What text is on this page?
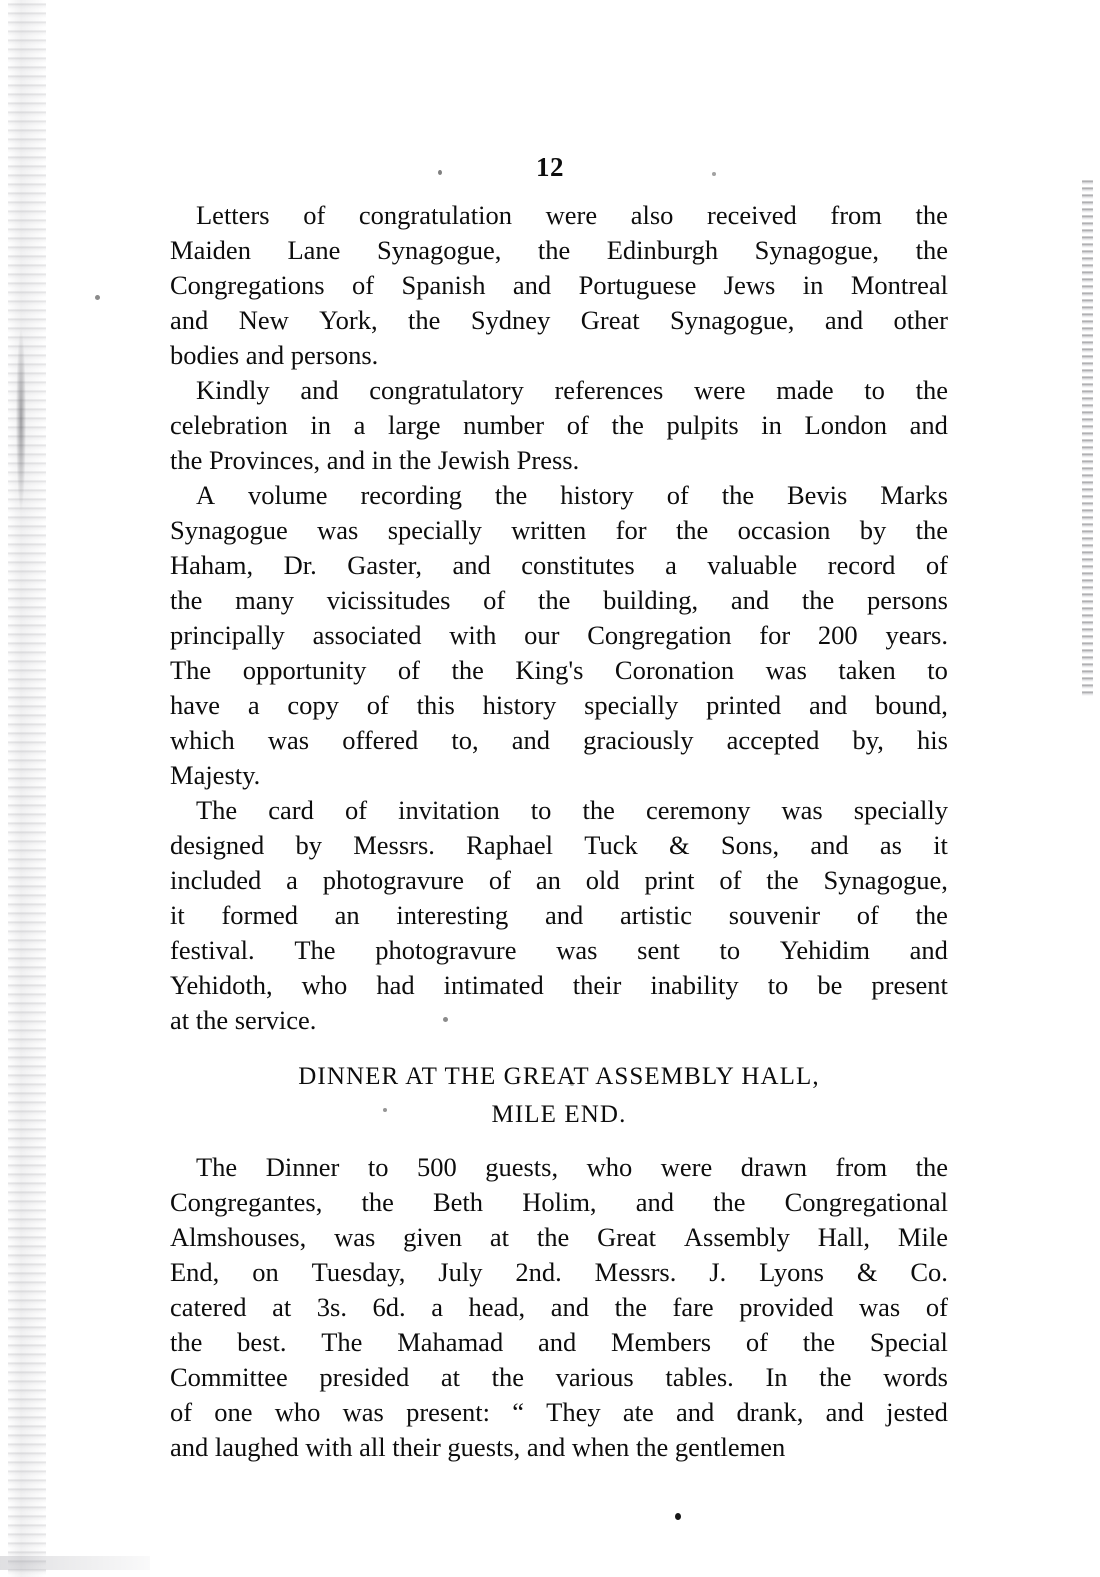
12
Letters of congratulation were also received from the
Maiden Lane Synagogue, the Edinburgh Synagogue, the
Congregations of Spanish and Portuguese Jews in Montreal
and New York, the Sydney Great Synagogue, and other
bodies and persons.
Kindly and congratulatory references were made to the
celebration in a large number of the pulpits in London and
the Provinces, and in the Jewish Press.
A volume recording the history of the Bevis Marks
Synagogue was specially written for the occasion by the
Haham, Dr. Gaster, and constitutes a valuable record of
the many vicissitudes of the building, and the persons
principally associated with our Congregation for 200 years.
The opportunity of the King's Coronation was taken to
have a copy of this history specially printed and bound,
which was offered to, and graciously accepted by, his
Majesty.
The card of invitation to the ceremony was specially
designed by Messrs. Raphael Tuck & Sons, and as it
included a photogravure of an old print of the Synagogue,
it formed an interesting and artistic souvenir of the
festival. The photogravure was sent to Yehidim and
Yehidoth, who had intimated their inability to be present
at the service.
DINNER AT THE GREAT ASSEMBLY HALL,
MILE END.
The Dinner to 500 guests, who were drawn from the
Congregantes, the Beth Holim, and the Congregational
Almshouses, was given at the Great Assembly Hall, Mile
End, on Tuesday, July 2nd. Messrs. J. Lyons & Co.
catered at 3s. 6d. a head, and the fare provided was of
the best. The Mahamad and Members of the Special
Committee presided at the various tables. In the words
of one who was present: “ They ate and drank, and jested
and laughed with all their guests, and when the gentlemen
